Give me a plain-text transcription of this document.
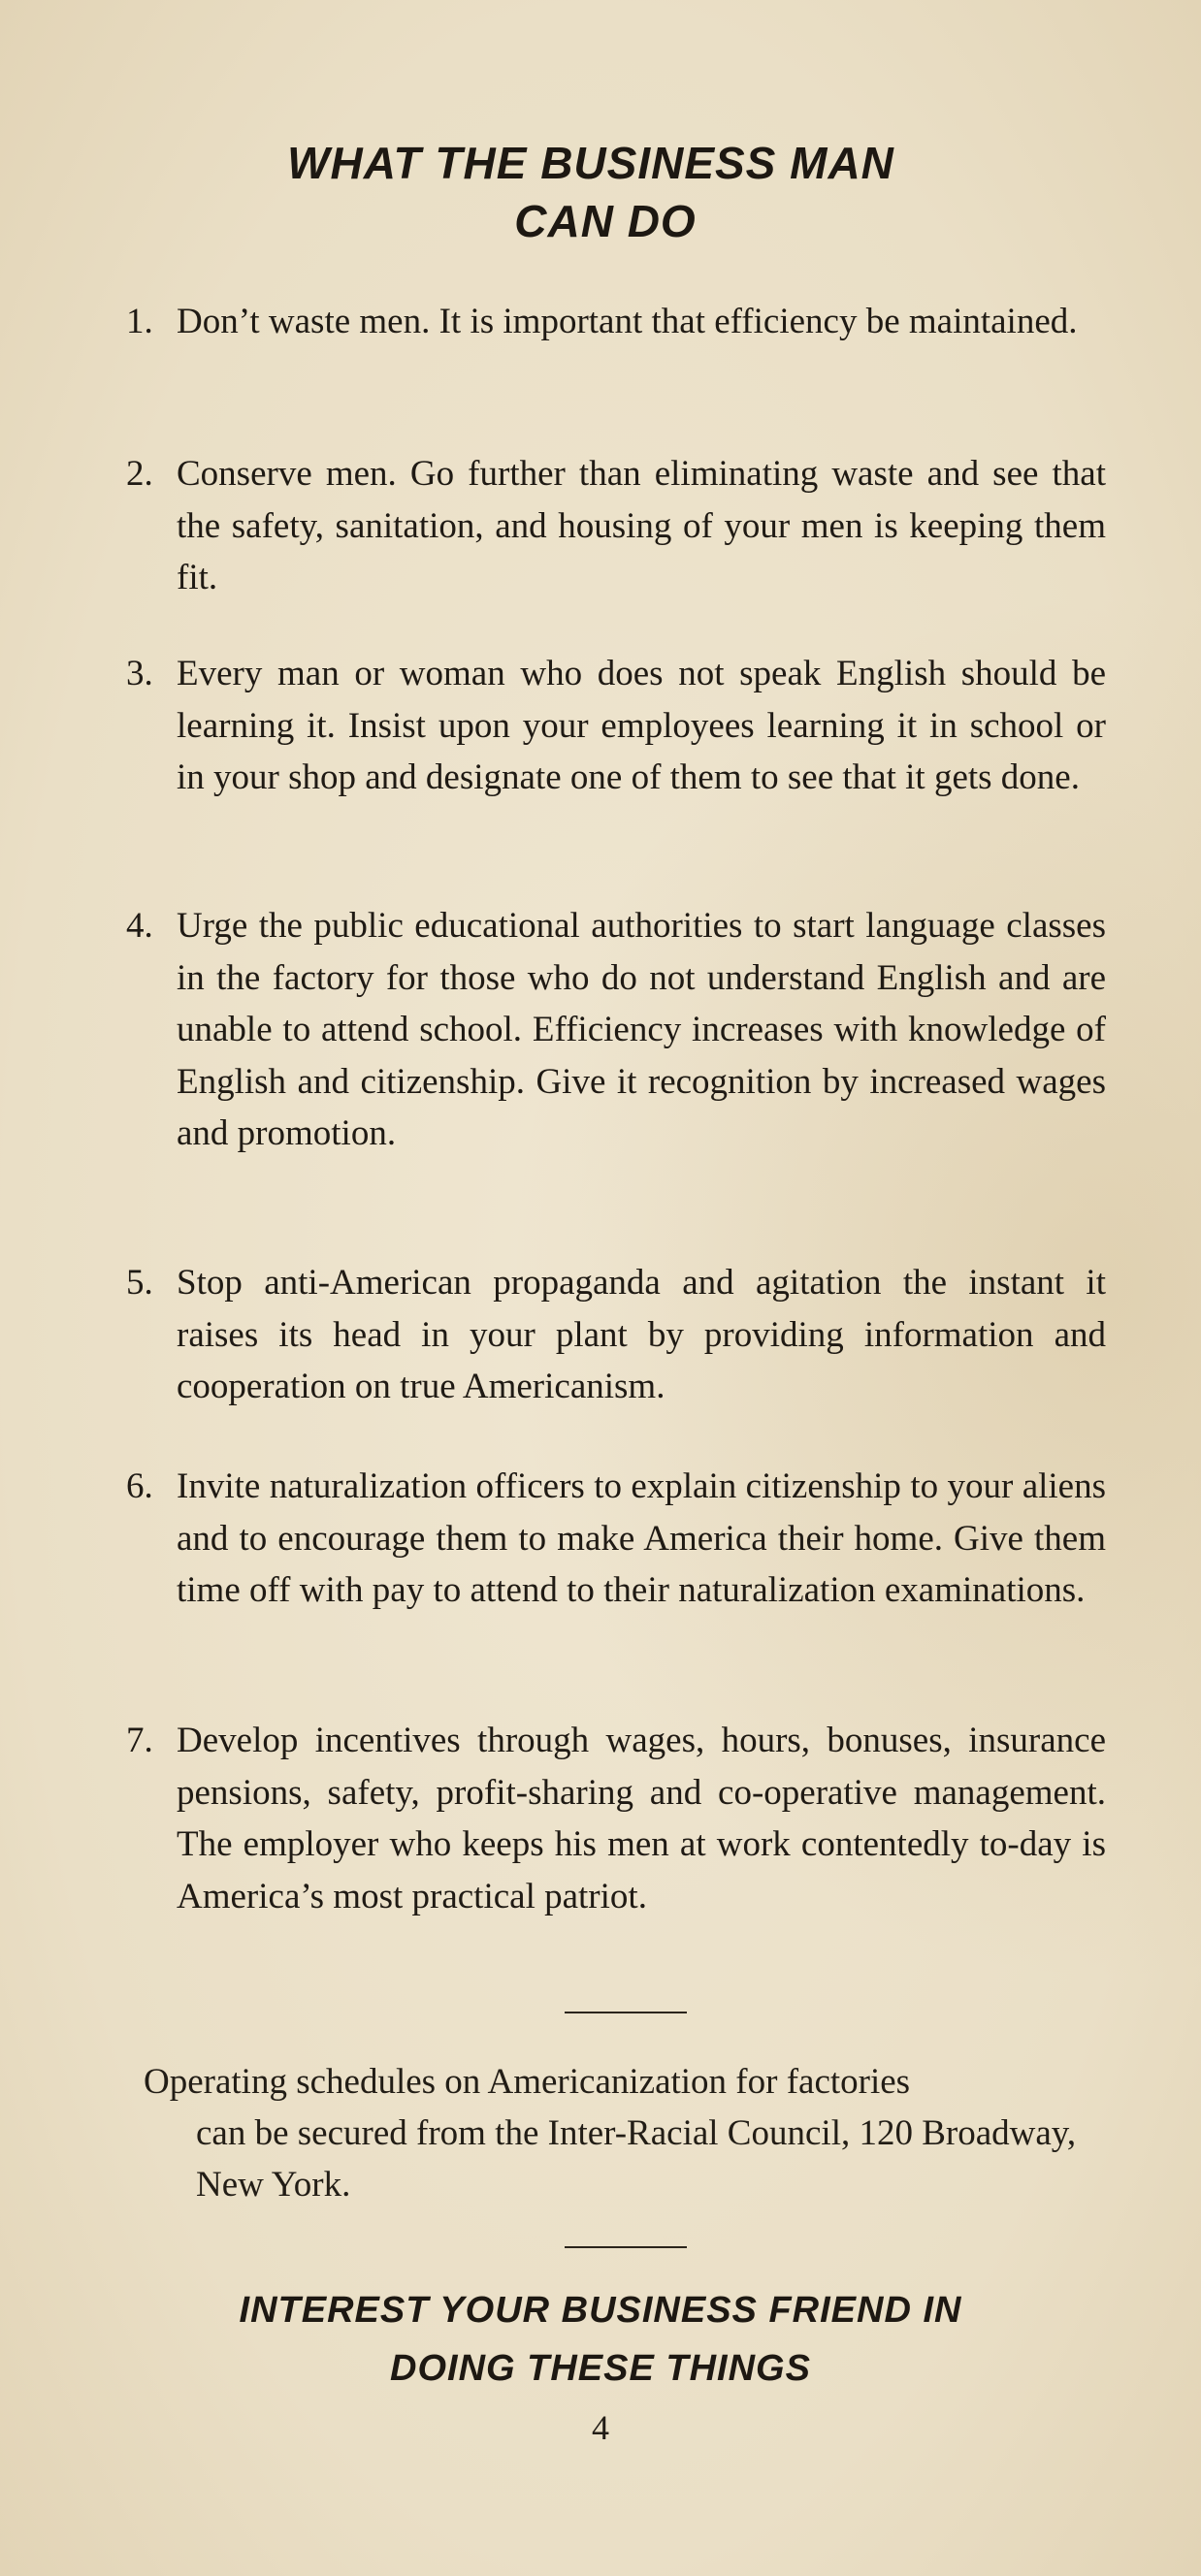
WHAT THE BUSINESS MAN
CAN DO
1. Don’t waste men. It is important that efficiency be maintained.
2. Conserve men. Go further than eliminating waste and see that the safety, sanitation, and housing of your men is keeping them fit.
3. Every man or woman who does not speak English should be learning it. Insist upon your employees learning it in school or in your shop and designate one of them to see that it gets done.
4. Urge the public educational authorities to start language classes in the factory for those who do not understand English and are unable to attend school. Efficiency increases with knowledge of English and citizenship. Give it recognition by increased wages and promotion.
5. Stop anti-American propaganda and agitation the instant it raises its head in your plant by providing information and cooperation on true Americanism.
6. Invite naturalization officers to explain citizenship to your aliens and to encourage them to make America their home. Give them time off with pay to attend to their naturalization examinations.
7. Develop incentives through wages, hours, bonuses, insurance pensions, safety, profit-sharing and co-operative management. The employer who keeps his men at work contentedly to-day is America’s most practical patriot.
Operating schedules on Americanization for factories
can be secured from the Inter-Racial Council, 120 Broadway, New York.
INTEREST YOUR BUSINESS FRIEND IN
DOING THESE THINGS
4
